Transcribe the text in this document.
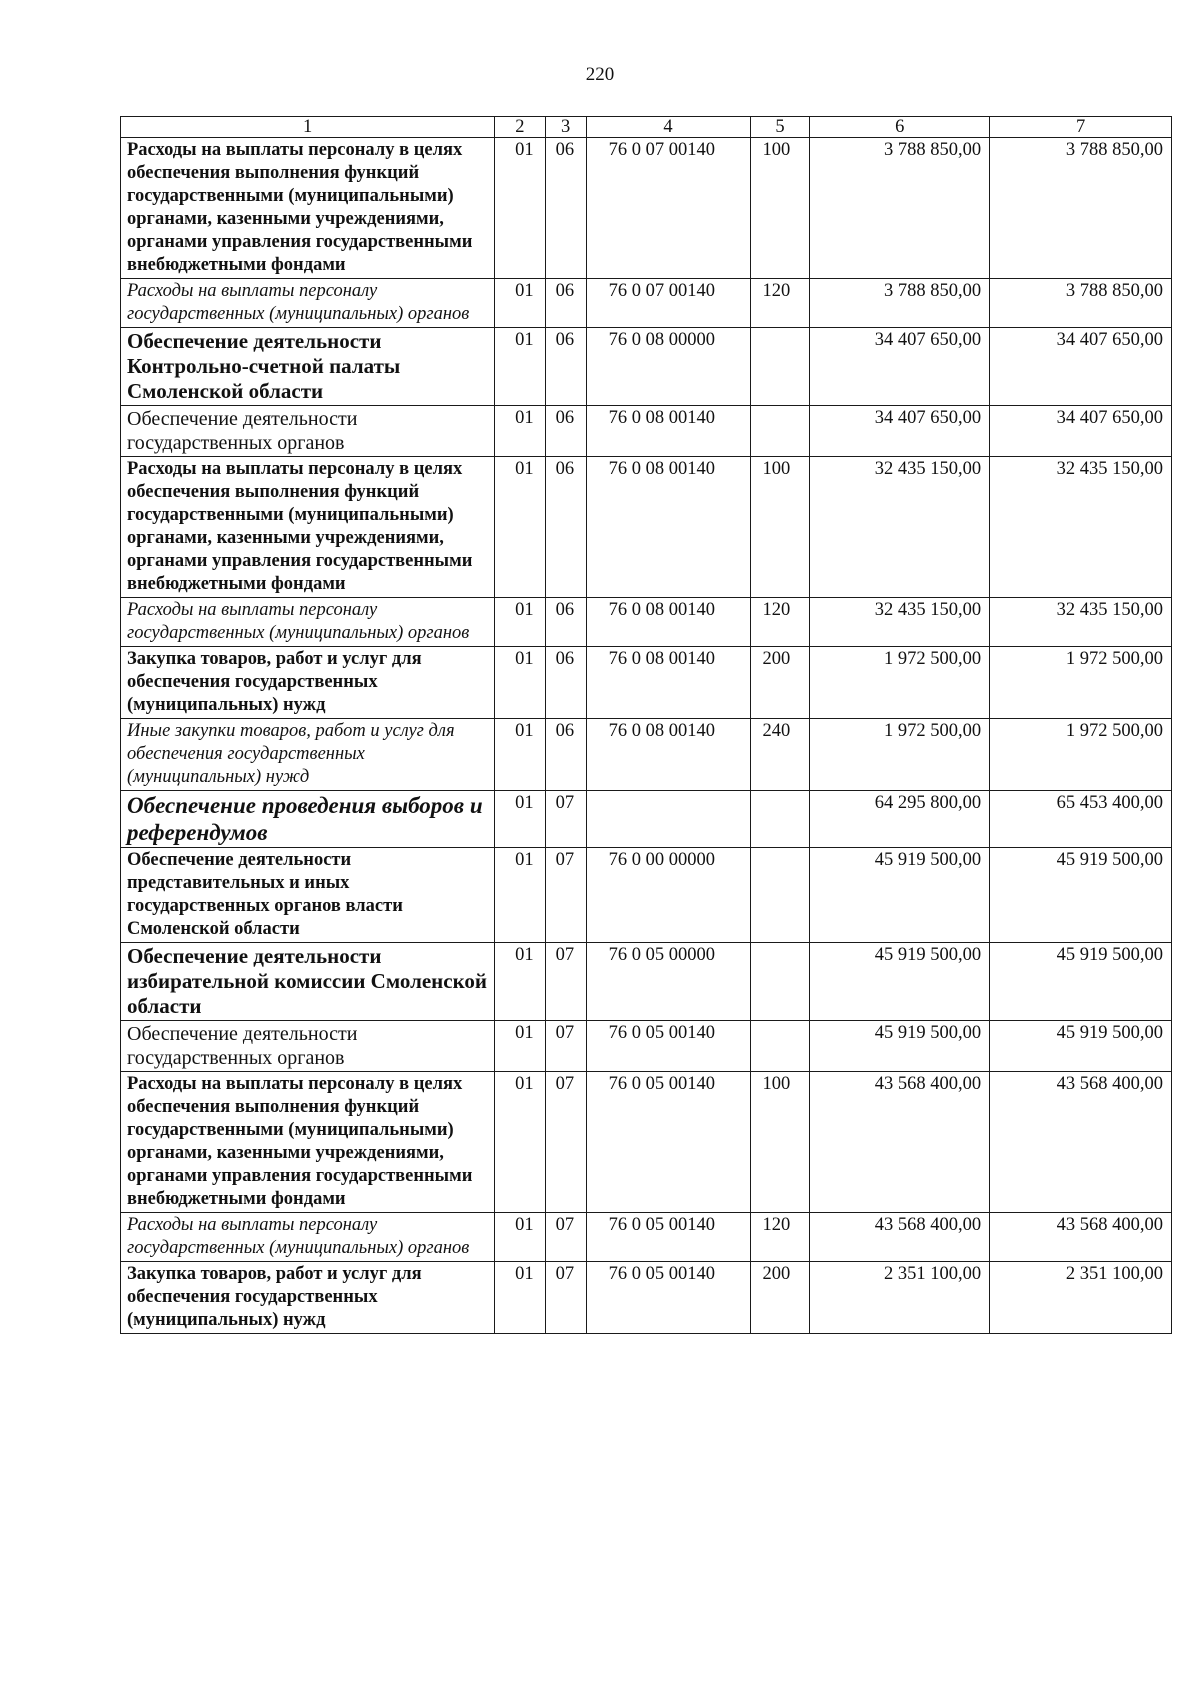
220
1	2	3	4	5	6	7
Расходы на выплаты персоналу в целях обеспечения выполнения функций государственными (муниципальными) органами, казенными учреждениями, органами управления государственными внебюджетными фондами	01	06	76 0 07 00140	100	3 788 850,00	3 788 850,00
Расходы на выплаты персоналу государственных (муниципальных) органов	01	06	76 0 07 00140	120	3 788 850,00	3 788 850,00
Обеспечение деятельности Контрольно-счетной палаты Смоленской области	01	06	76 0 08 00000		34 407 650,00	34 407 650,00
Обеспечение деятельности государственных органов	01	06	76 0 08 00140		34 407 650,00	34 407 650,00
Расходы на выплаты персоналу в целях обеспечения выполнения функций государственными (муниципальными) органами, казенными учреждениями, органами управления государственными внебюджетными фондами	01	06	76 0 08 00140	100	32 435 150,00	32 435 150,00
Расходы на выплаты персоналу государственных (муниципальных) органов	01	06	76 0 08 00140	120	32 435 150,00	32 435 150,00
Закупка товаров, работ и услуг для обеспечения государственных (муниципальных) нужд	01	06	76 0 08 00140	200	1 972 500,00	1 972 500,00
Иные закупки товаров, работ и услуг для обеспечения государственных (муниципальных) нужд	01	06	76 0 08 00140	240	1 972 500,00	1 972 500,00
Обеспечение проведения выборов и референдумов	01	07			64 295 800,00	65 453 400,00
Обеспечение деятельности представительных и иных государственных органов власти Смоленской области	01	07	76 0 00 00000		45 919 500,00	45 919 500,00
Обеспечение деятельности избирательной комиссии Смоленской области	01	07	76 0 05 00000		45 919 500,00	45 919 500,00
Обеспечение деятельности государственных органов	01	07	76 0 05 00140		45 919 500,00	45 919 500,00
Расходы на выплаты персоналу в целях обеспечения выполнения функций государственными (муниципальными) органами, казенными учреждениями, органами управления государственными внебюджетными фондами	01	07	76 0 05 00140	100	43 568 400,00	43 568 400,00
Расходы на выплаты персоналу государственных (муниципальных) органов	01	07	76 0 05 00140	120	43 568 400,00	43 568 400,00
Закупка товаров, работ и услуг для обеспечения государственных (муниципальных) нужд	01	07	76 0 05 00140	200	2 351 100,00	2 351 100,00
